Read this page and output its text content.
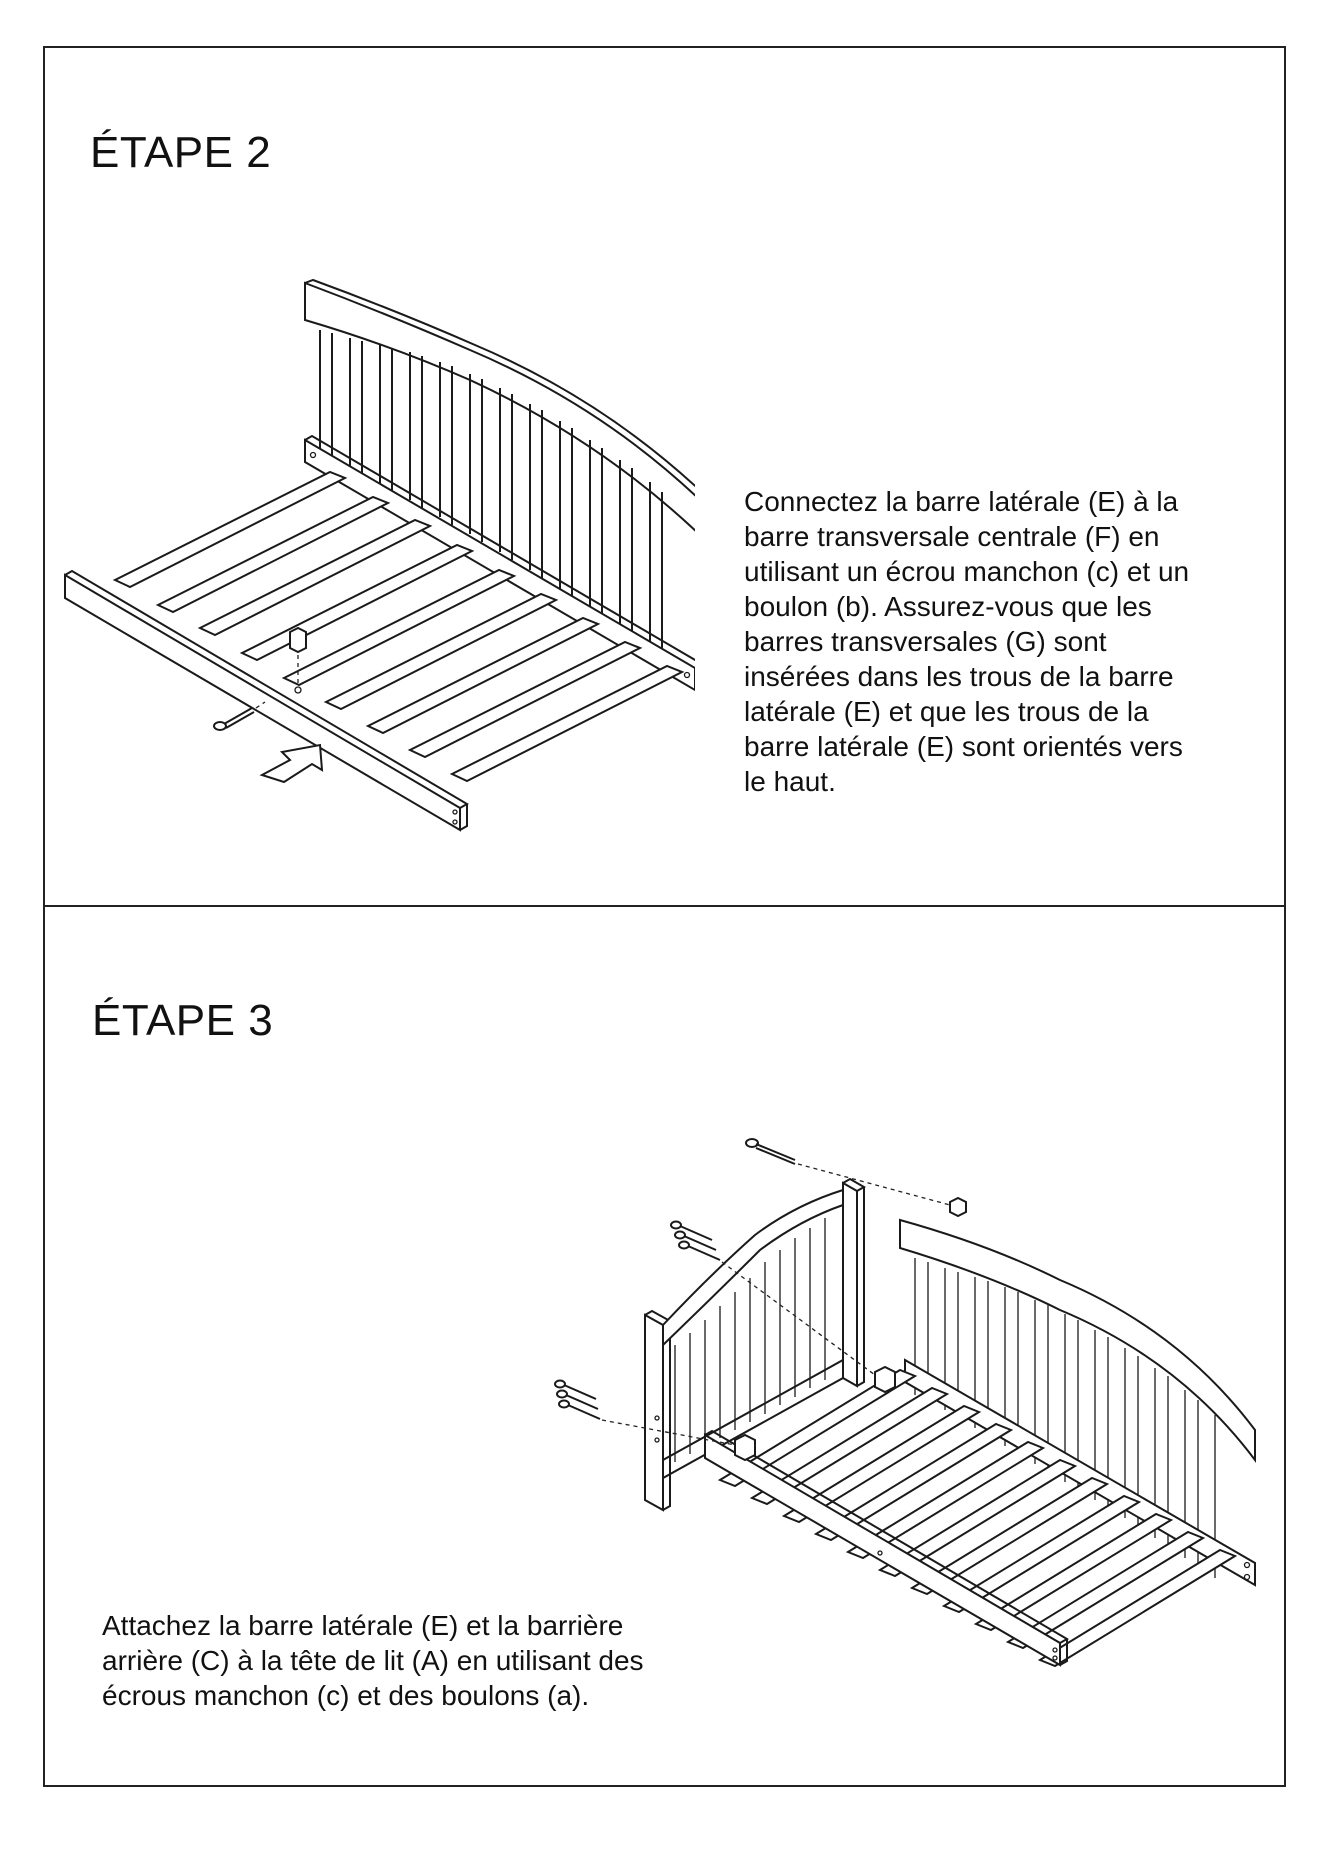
ÉTAPE 2
Connectez la barre latérale (E) à la
barre transversale centrale (F) en
utilisant un écrou manchon (c) et un
boulon (b). Assurez-vous que les
barres transversales (G) sont
insérées dans les trous de la barre
latérale (E) et que les trous de la
barre latérale (E) sont orientés vers
le haut.
ÉTAPE 3
Attachez la barre latérale (E) et la barrière
arrière (C) à la tête de lit (A) en utilisant des
écrous manchon (c) et des boulons (a).
